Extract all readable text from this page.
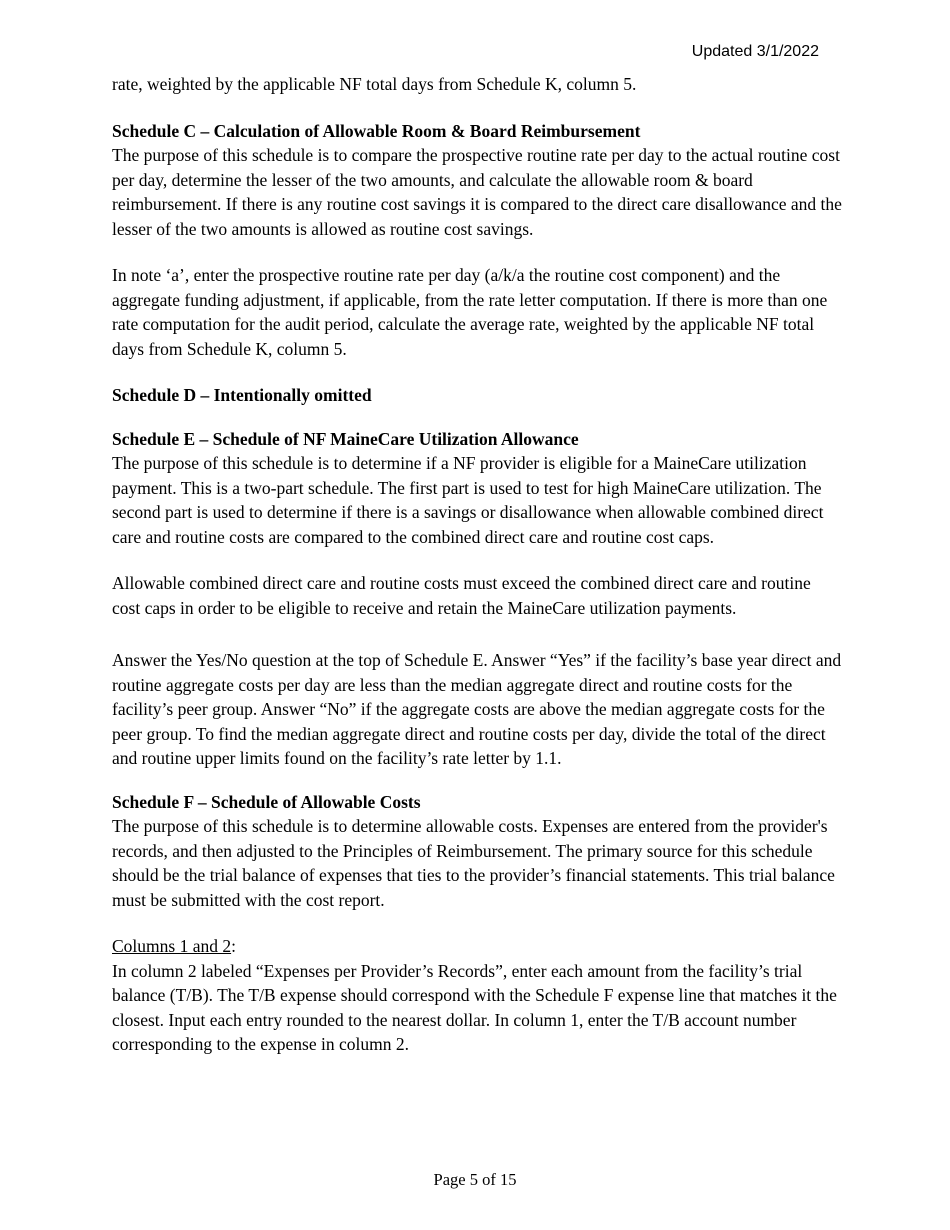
Updated 3/1/2022

rate, weighted by the applicable NF total days from Schedule K, column 5.

Schedule C – Calculation of Allowable Room & Board Reimbursement

The purpose of this schedule is to compare the prospective routine rate per day to the actual routine cost per day, determine the lesser of the two amounts, and calculate the allowable room & board reimbursement. If there is any routine cost savings it is compared to the direct care disallowance and the lesser of the two amounts is allowed as routine cost savings.

In note ‘a’, enter the prospective routine rate per day (a/k/a the routine cost component) and the aggregate funding adjustment, if applicable, from the rate letter computation. If there is more than one rate computation for the audit period, calculate the average rate, weighted by the applicable NF total days from Schedule K, column 5.

Schedule D – Intentionally omitted

Schedule E – Schedule of NF MaineCare Utilization Allowance

The purpose of this schedule is to determine if a NF provider is eligible for a MaineCare utilization payment. This is a two-part schedule. The first part is used to test for high MaineCare utilization. The second part is used to determine if there is a savings or disallowance when allowable combined direct care and routine costs are compared to the combined direct care and routine cost caps.

Allowable combined direct care and routine costs must exceed the combined direct care and routine cost caps in order to be eligible to receive and retain the MaineCare utilization payments.

Answer the Yes/No question at the top of Schedule E. Answer “Yes” if the facility’s base year direct and routine aggregate costs per day are less than the median aggregate direct and routine costs for the facility’s peer group. Answer “No” if the aggregate costs are above the median aggregate costs for the peer group. To find the median aggregate direct and routine costs per day, divide the total of the direct and routine upper limits found on the facility’s rate letter by 1.1.

Schedule F – Schedule of Allowable Costs

The purpose of this schedule is to determine allowable costs. Expenses are entered from the provider's records, and then adjusted to the Principles of Reimbursement. The primary source for this schedule should be the trial balance of expenses that ties to the provider’s financial statements. This trial balance must be submitted with the cost report.

Columns 1 and 2:

In column 2 labeled “Expenses per Provider’s Records”, enter each amount from the facility’s trial balance (T/B). The T/B expense should correspond with the Schedule F expense line that matches it the closest. Input each entry rounded to the nearest dollar. In column 1, enter the T/B account number corresponding to the expense in column 2.

Page 5 of 15
